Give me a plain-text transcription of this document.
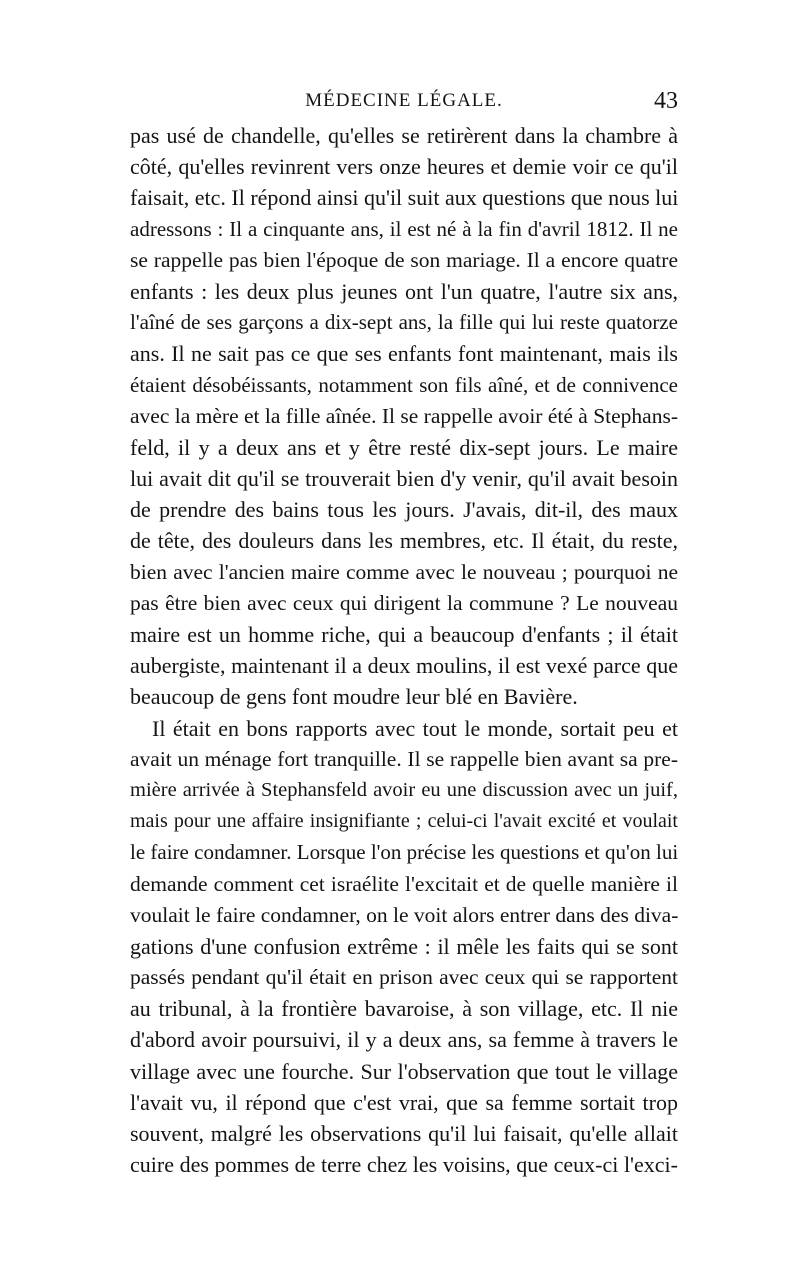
MÉDECINE LÉGALE.	43
pas usé de chandelle, qu'elles se retirèrent dans la chambre à
côté, qu'elles revinrent vers onze heures et demie voir ce qu'il
faisait, etc. Il répond ainsi qu'il suit aux questions que nous lui
adressons : Il a cinquante ans, il est né à la fin d'avril 1812. Il ne
se rappelle pas bien l'époque de son mariage. Il a encore quatre
enfants : les deux plus jeunes ont l'un quatre, l'autre six ans,
l'aîné de ses garçons a dix-sept ans, la fille qui lui reste quatorze
ans. Il ne sait pas ce que ses enfants font maintenant, mais ils
étaient désobéissants, notamment son fils aîné, et de connivence
avec la mère et la fille aînée. Il se rappelle avoir été à Stephans-
feld, il y a deux ans et y être resté dix-sept jours. Le maire
lui avait dit qu'il se trouverait bien d'y venir, qu'il avait besoin
de prendre des bains tous les jours. J'avais, dit-il, des maux
de tête, des douleurs dans les membres, etc. Il était, du reste,
bien avec l'ancien maire comme avec le nouveau ; pourquoi ne
pas être bien avec ceux qui dirigent la commune ? Le nouveau
maire est un homme riche, qui a beaucoup d'enfants ; il était
aubergiste, maintenant il a deux moulins, il est vexé parce que
beaucoup de gens font moudre leur blé en Bavière.
Il était en bons rapports avec tout le monde, sortait peu et
avait un ménage fort tranquille. Il se rappelle bien avant sa pre-
mière arrivée à Stephansfeld avoir eu une discussion avec un juif,
mais pour une affaire insignifiante ; celui-ci l'avait excité et voulait
le faire condamner. Lorsque l'on précise les questions et qu'on lui
demande comment cet israélite l'excitait et de quelle manière il
voulait le faire condamner, on le voit alors entrer dans des diva-
gations d'une confusion extrême : il mêle les faits qui se sont
passés pendant qu'il était en prison avec ceux qui se rapportent
au tribunal, à la frontière bavaroise, à son village, etc. Il nie
d'abord avoir poursuivi, il y a deux ans, sa femme à travers le
village avec une fourche. Sur l'observation que tout le village
l'avait vu, il répond que c'est vrai, que sa femme sortait trop
souvent, malgré les observations qu'il lui faisait, qu'elle allait
cuire des pommes de terre chez les voisins, que ceux-ci l'exci-
